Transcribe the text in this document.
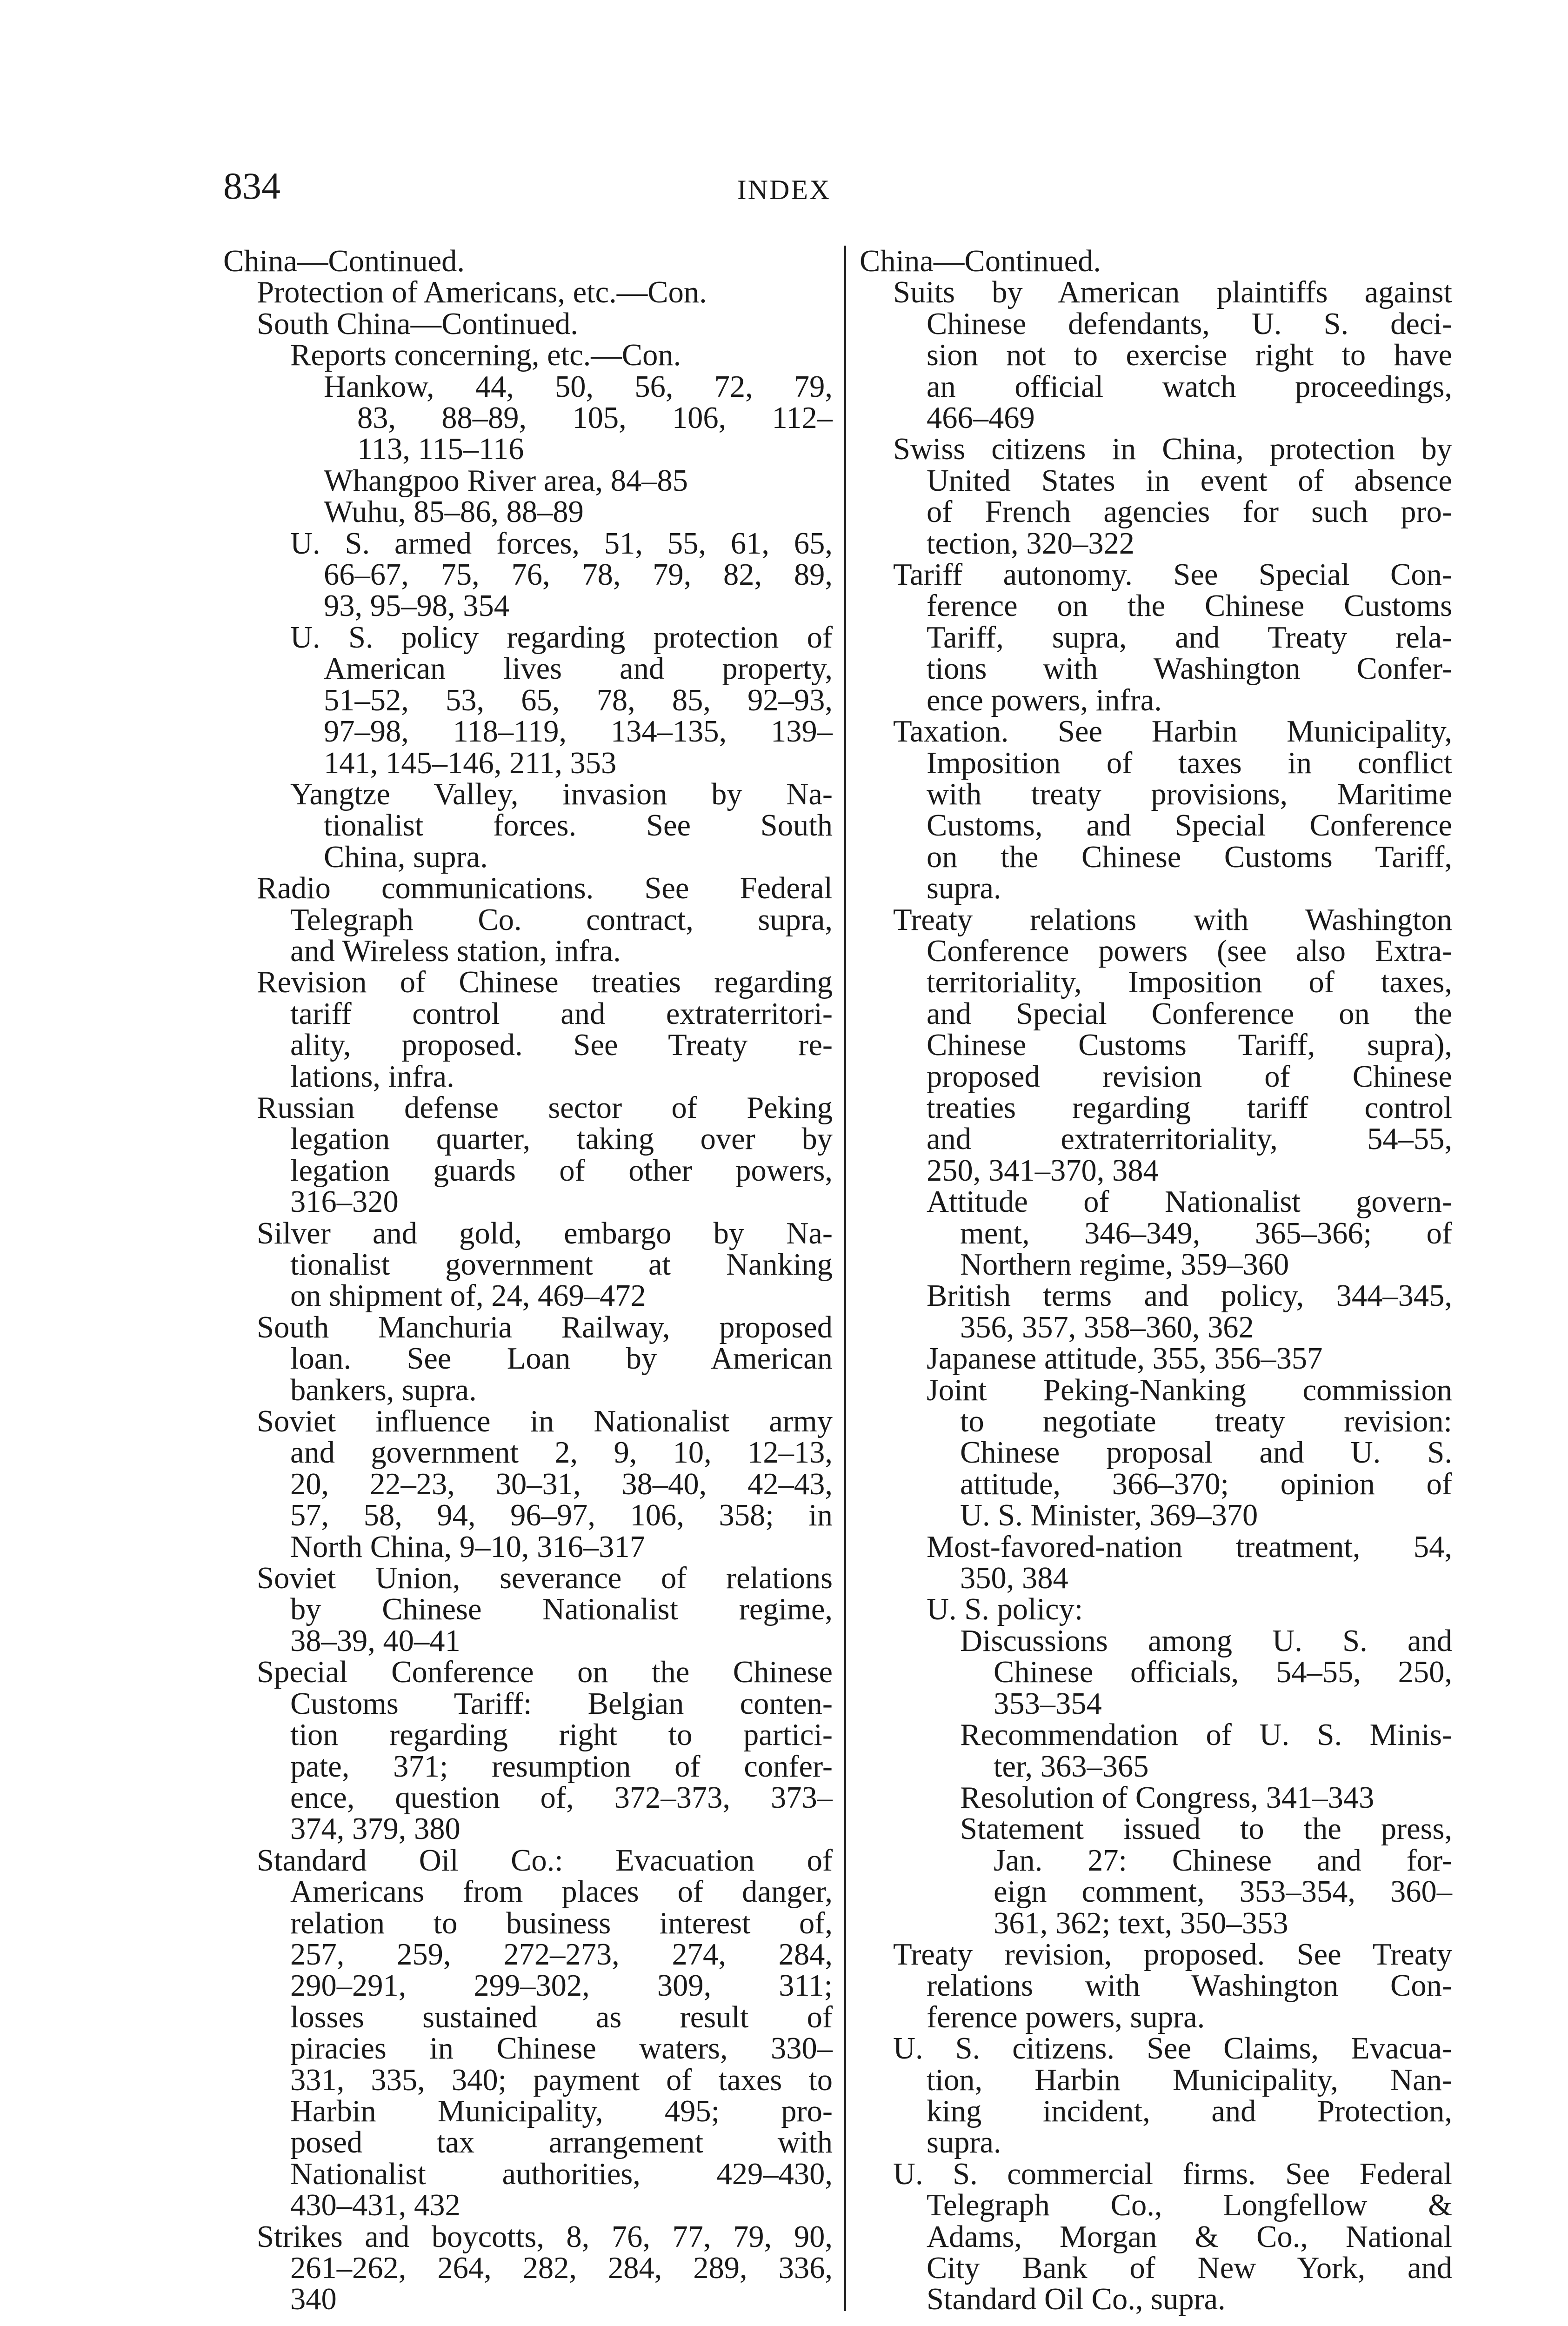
834	INDEX
China—Continued.
Protection of Americans, etc.—Con.
South China—Continued.
Reports concerning, etc.—Con.
Hankow, 44, 50, 56, 72, 79,
83, 88–89, 105, 106, 112–
113, 115–116
Whangpoo River area, 84–85
Wuhu, 85–86, 88–89
U. S. armed forces, 51, 55, 61, 65,
66–67, 75, 76, 78, 79, 82, 89,
93, 95–98, 354
U. S. policy regarding protection of
American lives and property,
51–52, 53, 65, 78, 85, 92–93,
97–98, 118–119, 134–135, 139–
141, 145–146, 211, 353
Yangtze Valley, invasion by Na-
tionalist forces. See South
China, supra.
Radio communications. See Federal
Telegraph Co. contract, supra,
and Wireless station, infra.
Revision of Chinese treaties regarding
tariff control and extraterritori-
ality, proposed. See Treaty re-
lations, infra.
Russian defense sector of Peking
legation quarter, taking over by
legation guards of other powers,
316–320
Silver and gold, embargo by Na-
tionalist government at Nanking
on shipment of, 24, 469–472
South Manchuria Railway, proposed
loan. See Loan by American
bankers, supra.
Soviet influence in Nationalist army
and government 2, 9, 10, 12–13,
20, 22–23, 30–31, 38–40, 42–43,
57, 58, 94, 96–97, 106, 358; in
North China, 9–10, 316–317
Soviet Union, severance of relations
by Chinese Nationalist regime,
38–39, 40–41
Special Conference on the Chinese
Customs Tariff: Belgian conten-
tion regarding right to partici-
pate, 371; resumption of confer-
ence, question of, 372–373, 373–
374, 379, 380
Standard Oil Co.: Evacuation of
Americans from places of danger,
relation to business interest of,
257, 259, 272–273, 274, 284,
290–291, 299–302, 309, 311;
losses sustained as result of
piracies in Chinese waters, 330–
331, 335, 340; payment of taxes to
Harbin Municipality, 495; pro-
posed tax arrangement with
Nationalist authorities, 429–430,
430–431, 432
Strikes and boycotts, 8, 76, 77, 79, 90,
261–262, 264, 282, 284, 289, 336,
340
China—Continued.
Suits by American plaintiffs against
Chinese defendants, U. S. deci-
sion not to exercise right to have
an official watch proceedings,
466–469
Swiss citizens in China, protection by
United States in event of absence
of French agencies for such pro-
tection, 320–322
Tariff autonomy. See Special Con-
ference on the Chinese Customs
Tariff, supra, and Treaty rela-
tions with Washington Confer-
ence powers, infra.
Taxation. See Harbin Municipality,
Imposition of taxes in conflict
with treaty provisions, Maritime
Customs, and Special Conference
on the Chinese Customs Tariff,
supra.
Treaty relations with Washington
Conference powers (see also Extra-
territoriality, Imposition of taxes,
and Special Conference on the
Chinese Customs Tariff, supra),
proposed revision of Chinese
treaties regarding tariff control
and extraterritoriality, 54–55,
250, 341–370, 384
Attitude of Nationalist govern-
ment, 346–349, 365–366; of
Northern regime, 359–360
British terms and policy, 344–345,
356, 357, 358–360, 362
Japanese attitude, 355, 356–357
Joint Peking-Nanking commission
to negotiate treaty revision:
Chinese proposal and U. S.
attitude, 366–370; opinion of
U. S. Minister, 369–370
Most-favored-nation treatment, 54,
350, 384
U. S. policy:
Discussions among U. S. and
Chinese officials, 54–55, 250,
353–354
Recommendation of U. S. Minis-
ter, 363–365
Resolution of Congress, 341–343
Statement issued to the press,
Jan. 27: Chinese and for-
eign comment, 353–354, 360–
361, 362; text, 350–353
Treaty revision, proposed. See Treaty
relations with Washington Con-
ference powers, supra.
U. S. citizens. See Claims, Evacua-
tion, Harbin Municipality, Nan-
king incident, and Protection,
supra.
U. S. commercial firms. See Federal
Telegraph Co., Longfellow &
Adams, Morgan & Co., National
City Bank of New York, and
Standard Oil Co., supra.
